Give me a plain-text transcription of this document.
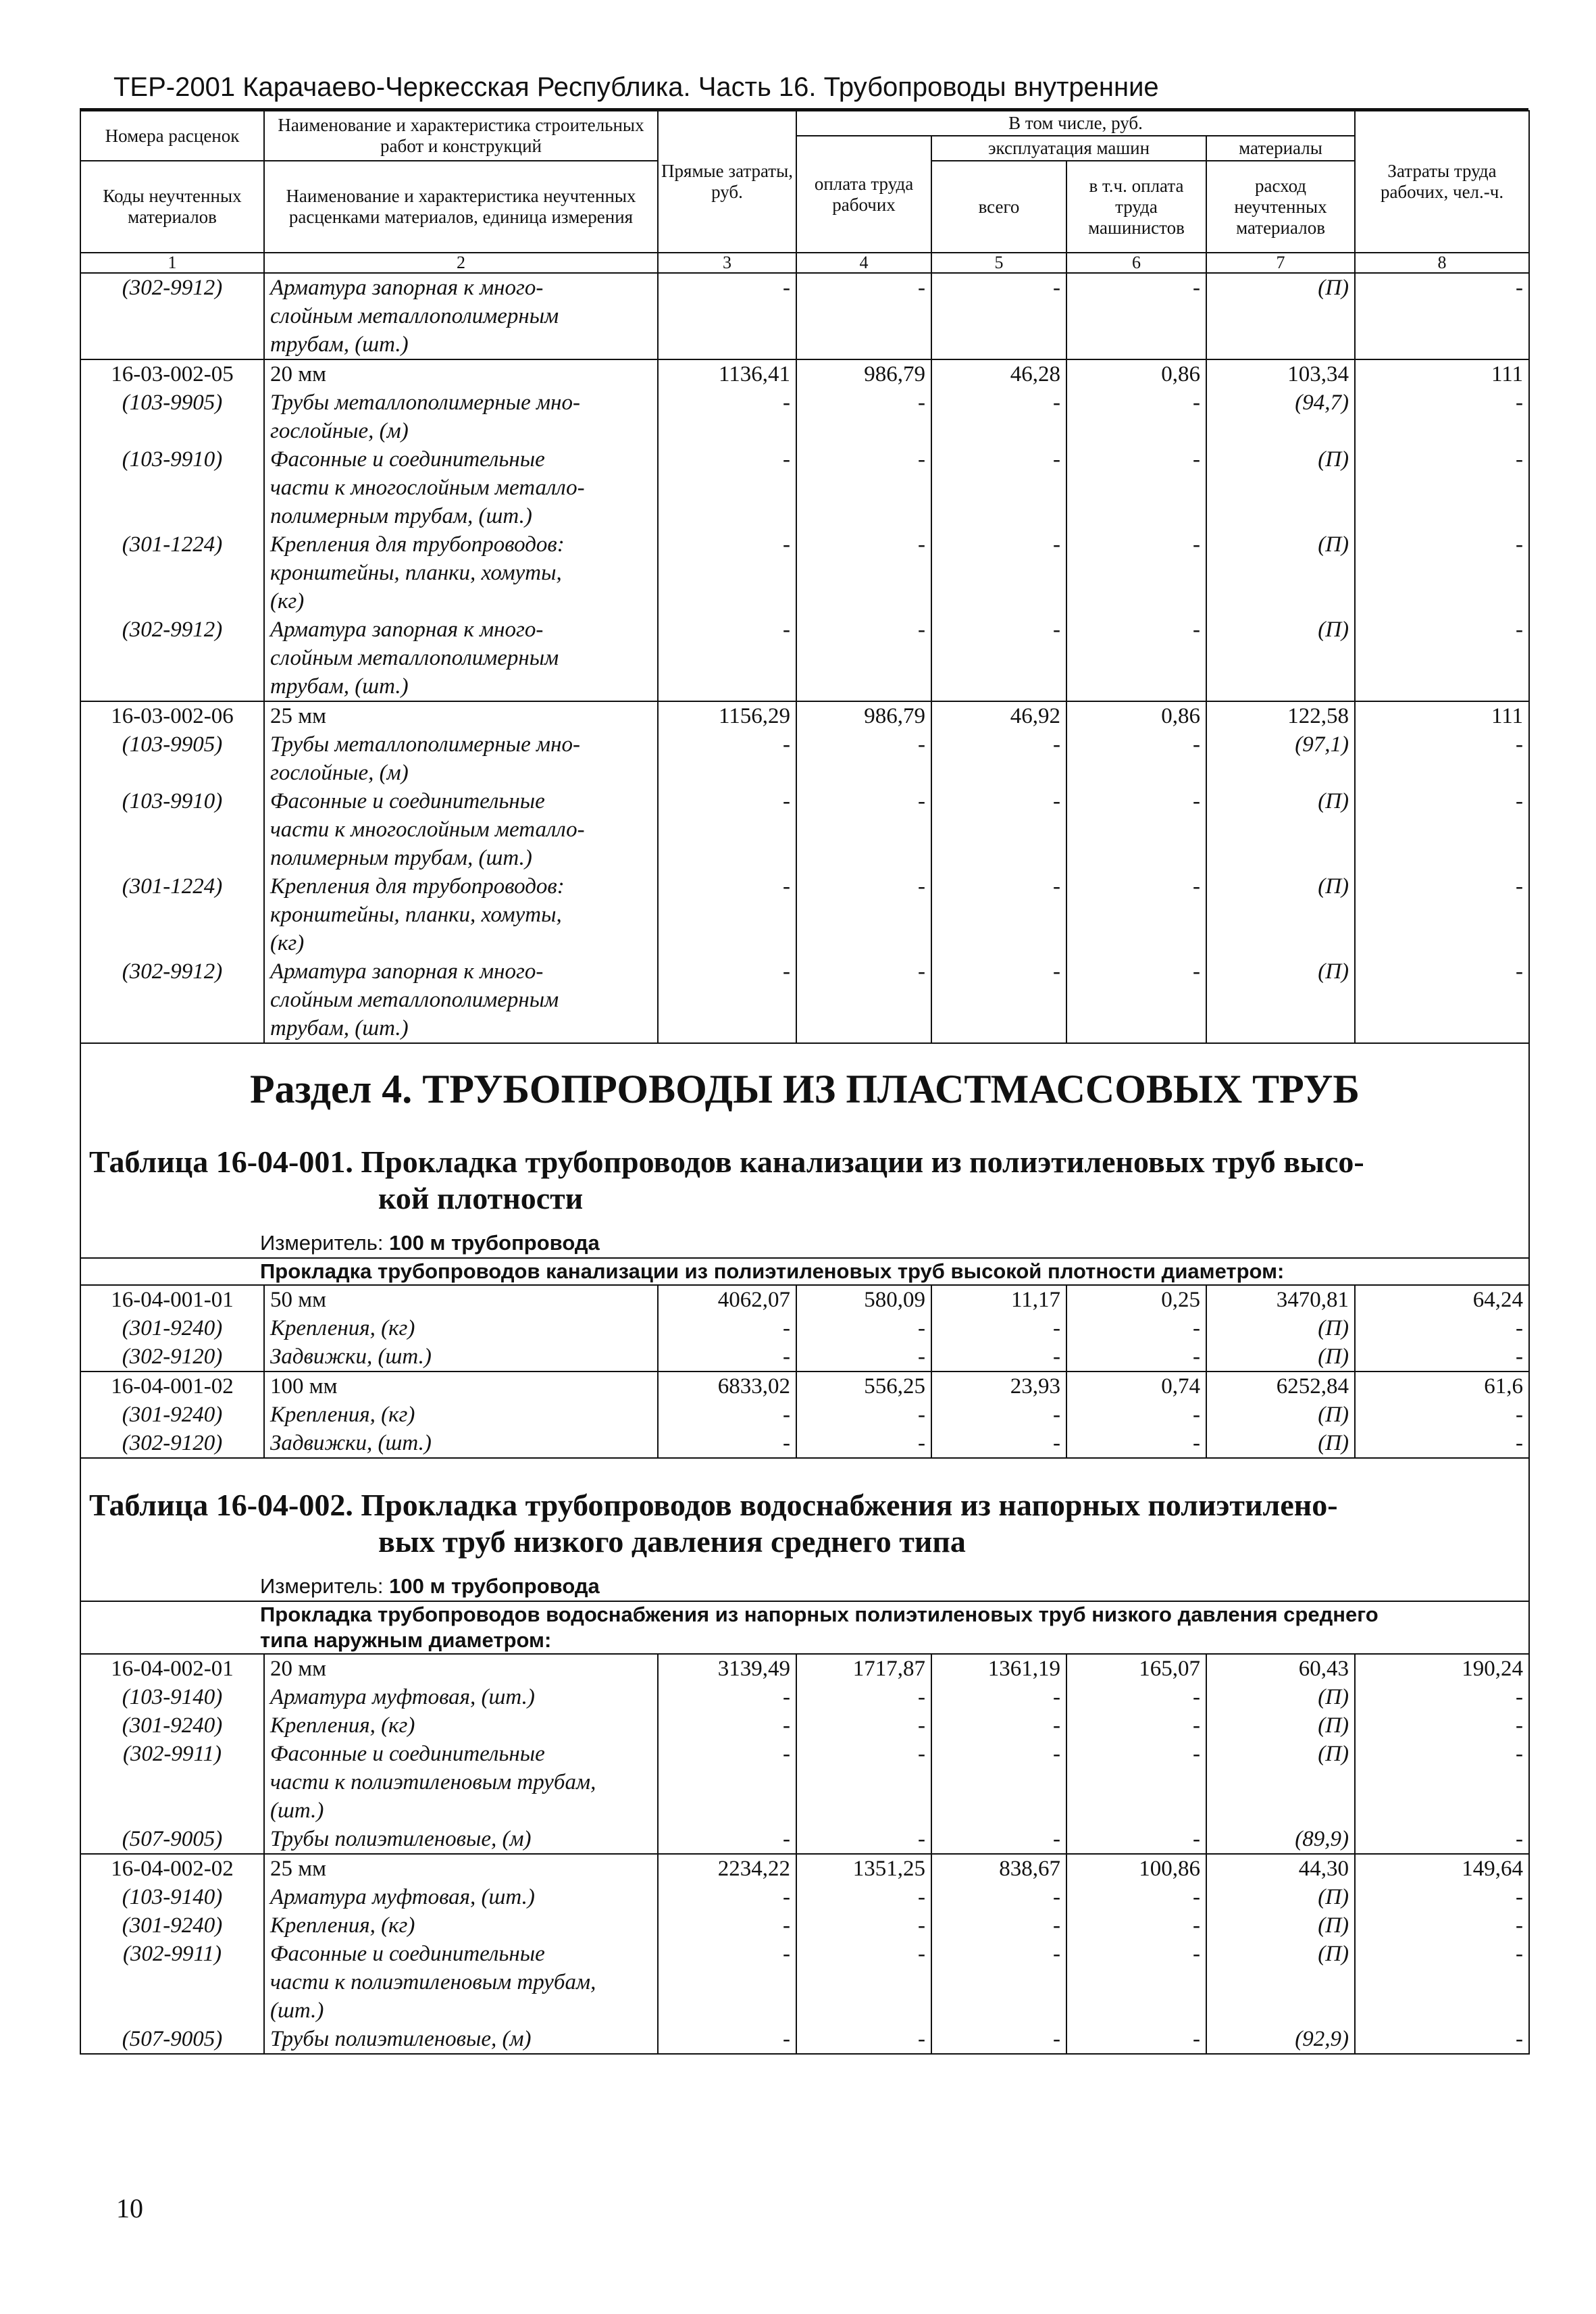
ТЕР-2001 Карачаево-Черкесская Республика. Часть 16. Трубопроводы внутренние
Номера расценок	Наименование и характеристика строительных работ и конструкций	Прямые затраты, руб.	В том числе, руб.				Затраты труда рабочих, чел.-ч.
			оплата труда рабочих	эксплуатация машин		материалы	
Коды неучтенных материалов	Наименование и характеристика неучтенных расценками материалов, единица измерения			всего	в т.ч. оплата труда машинистов	расход неучтенных материалов	

1	2	3	4	5	6	7	8
(302-9912)	Арматура запорная к много-
слойным металлополимерным
трубам, (шт.)	-	-	-	-	(П)	-
16-03-002-05	20 мм	1136,41	986,79	46,28	0,86	103,34	111
(103-9905)	Трубы металлополимерные мно-
гослойные, (м)	-	-	-	-	(94,7)	-
(103-9910)	Фасонные и соединительные
части к многослойным металло-
полимерным трубам, (шт.)	-	-	-	-	(П)	-
(301-1224)	Крепления для трубопроводов:
кронштейны, планки, хомуты,
(кг)	-	-	-	-	(П)	-
(302-9912)	Арматура запорная к много-
слойным металлополимерным
трубам, (шт.)	-	-	-	-	(П)	-
16-03-002-06	25 мм	1156,29	986,79	46,92	0,86	122,58	111
(103-9905)	Трубы металлополимерные мно-
гослойные, (м)	-	-	-	-	(97,1)	-
(103-9910)	Фасонные и соединительные
части к многослойным металло-
полимерным трубам, (шт.)	-	-	-	-	(П)	-
(301-1224)	Крепления для трубопроводов:
кронштейны, планки, хомуты,
(кг)	-	-	-	-	(П)	-
(302-9912)	Арматура запорная к много-
слойным металлополимерным
трубам, (шт.)	-	-	-	-	(П)	-
Раздел 4. ТРУБОПРОВОДЫ ИЗ ПЛАСТМАССОВЫХ ТРУБ							

Таблица 16-04-001. Прокладка трубопроводов канализации из полиэтиленовых труб высо-
кой плотности							

Измеритель: 100 м трубопровода							
Прокладка трубопроводов канализации из полиэтиленовых труб высокой плотности диаметром:							
16-04-001-01	50 мм	4062,07	580,09	11,17	0,25	3470,81	64,24
(301-9240)	Крепления, (кг)	-	-	-	-	(П)	-
(302-9120)	Задвижки, (шт.)	-	-	-	-	(П)	-
16-04-001-02	100 мм	6833,02	556,25	23,93	0,74	6252,84	61,6
(301-9240)	Крепления, (кг)	-	-	-	-	(П)	-
(302-9120)	Задвижки, (шт.)	-	-	-	-	(П)	-

Таблица 16-04-002. Прокладка трубопроводов водоснабжения из напорных полиэтилено-
вых труб низкого давления среднего типа							

Измеритель: 100 м трубопровода							

Прокладка трубопроводов водоснабжения из напорных полиэтиленовых труб низкого давления среднего
типа наружным диаметром:							

16-04-002-01	20 мм	3139,49	1717,87	1361,19	165,07	60,43	190,24
(103-9140)	Арматура муфтовая, (шт.)	-	-	-	-	(П)	-
(301-9240)	Крепления, (кг)	-	-	-	-	(П)	-
(302-9911)	Фасонные и соединительные
части к полиэтиленовым трубам,
(шт.)	-	-	-	-	(П)	-
(507-9005)	Трубы полиэтиленовые, (м)	-	-	-	-	(89,9)	-
16-04-002-02	25 мм	2234,22	1351,25	838,67	100,86	44,30	149,64
(103-9140)	Арматура муфтовая, (шт.)	-	-	-	-	(П)	-
(301-9240)	Крепления, (кг)	-	-	-	-	(П)	-
(302-9911)	Фасонные и соединительные
части к полиэтиленовым трубам,
(шт.)	-	-	-	-	(П)	-
(507-9005)	Трубы полиэтиленовые, (м)	-	-	-	-	(92,9)	-
10
